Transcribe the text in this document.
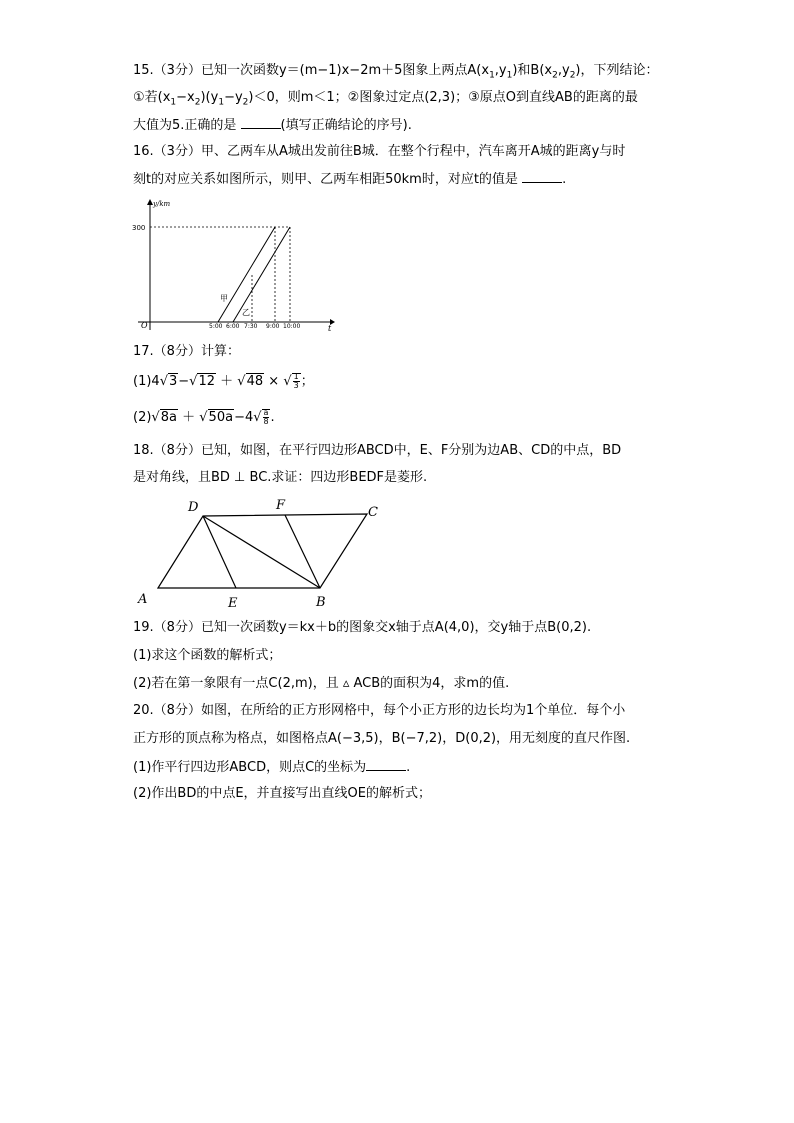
15.（3分）已知一次函数y＝(m−1)x−2m＋5图象上两点$A(x_1,y_1)$和$B(x_2,y_2)$，下列结论：
①若$(x_1-x_2)(y_1-y_2)<0$，则m＜1；②图象过定点(2,3)；③原点O到直线AB的距离的最
大值为5.正确的是	(填写正确结论的序号).
16.（3分）甲、乙两车从A城出发前往B城．在整个行程中，汽车离开A城的距离y与时
刻t的对应关系如图所示，则甲、乙两车相距50km时，对应t的值是	.
y/km
t
O
300
甲
乙
5:00 6:00 7:30 9:00 10:00
17.（8分）计算：
(1)4√3−√12 ＋ √48 × √ $\frac{1}{3}$ ；
$(2)√8a + √50a-4√ \frac{a}{8}$ .
18.（8分）已知，如图，在平行四边形ABCD中，E、F分别为边AB、CD的中点，BD
是对角线，且BD ⊥ BC.求证：四边形BEDF是菱形.
A
D	F	C
E	B
19.（8分）已知一次函数y＝kx＋b的图象交x轴于点A(4,0)，交y轴于点B(0,2).
(1)求这个函数的解析式；
(2)若在第一象限有一点C(2,m)，且 ▵ ACB的面积为4，求m的值.
20.（8分）如图，在所给的正方形网格中，每个小正方形的边长均为1个单位．每个小
正方形的顶点称为格点，如图格点A(−3,5)，B(−7,2)，D(0,2)，用无刻度的直尺作图.
(1)作平行四边形ABCD，则点C的坐标为	.
(2)作出BD的中点E，并直接写出直线OE的解析式；
